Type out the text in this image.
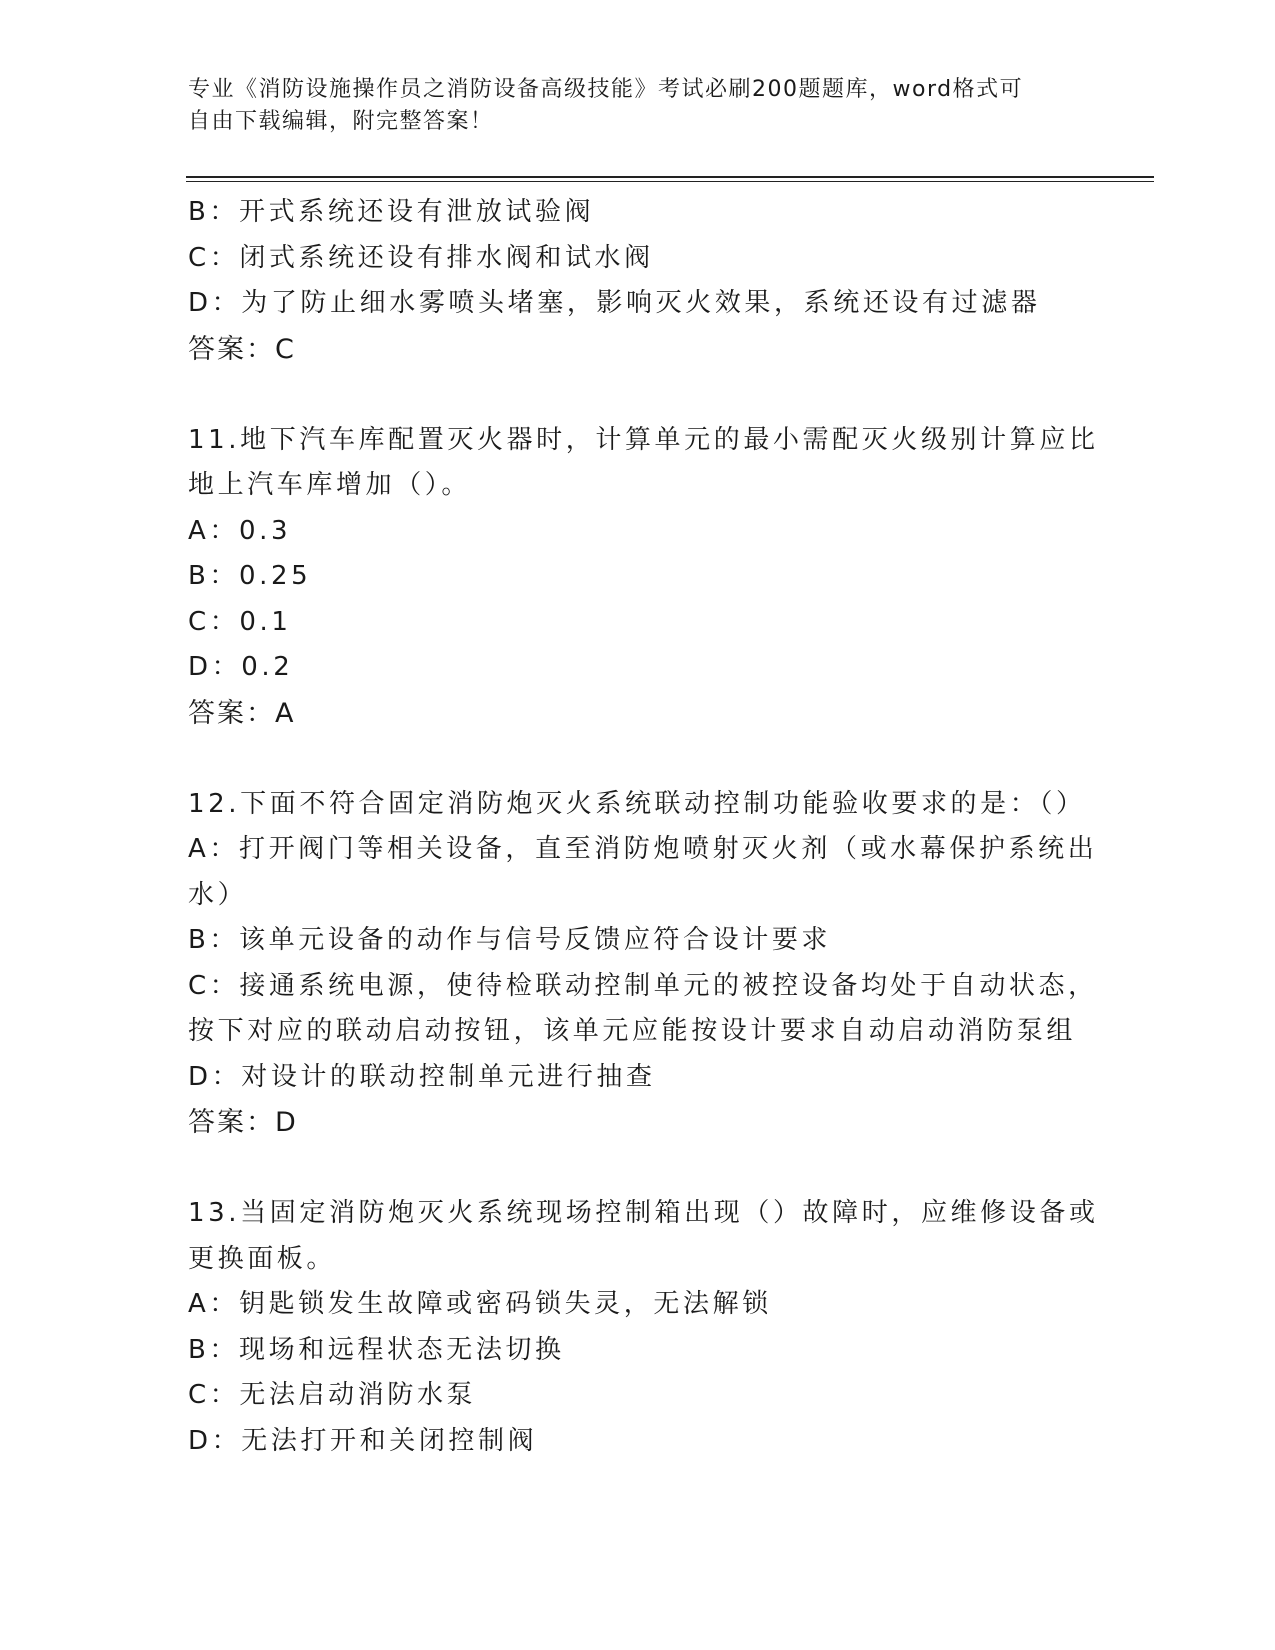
专业《消防设施操作员之消防设备高级技能》考试必刷200题题库，word格式可
自由下载编辑，附完整答案！
B：开式系统还设有泄放试验阀
C：闭式系统还设有排水阀和试水阀
D：为了防止细水雾喷头堵塞，影响灭火效果，系统还设有过滤器
答案：C
11.地下汽车库配置灭火器时，计算单元的最小需配灭火级别计算应比
地上汽车库增加（）。
A：0.3
B：0.25
C：0.1
D：0.2
答案：A
12.下面不符合固定消防炮灭火系统联动控制功能验收要求的是：（）
A：打开阀门等相关设备，直至消防炮喷射灭火剂（或水幕保护系统出
水）
B：该单元设备的动作与信号反馈应符合设计要求
C：接通系统电源，使待检联动控制单元的被控设备均处于自动状态，
按下对应的联动启动按钮，该单元应能按设计要求自动启动消防泵组
D：对设计的联动控制单元进行抽查
答案：D
13.当固定消防炮灭火系统现场控制箱出现（）故障时，应维修设备或
更换面板。
A：钥匙锁发生故障或密码锁失灵，无法解锁
B：现场和远程状态无法切换
C：无法启动消防水泵
D：无法打开和关闭控制阀
